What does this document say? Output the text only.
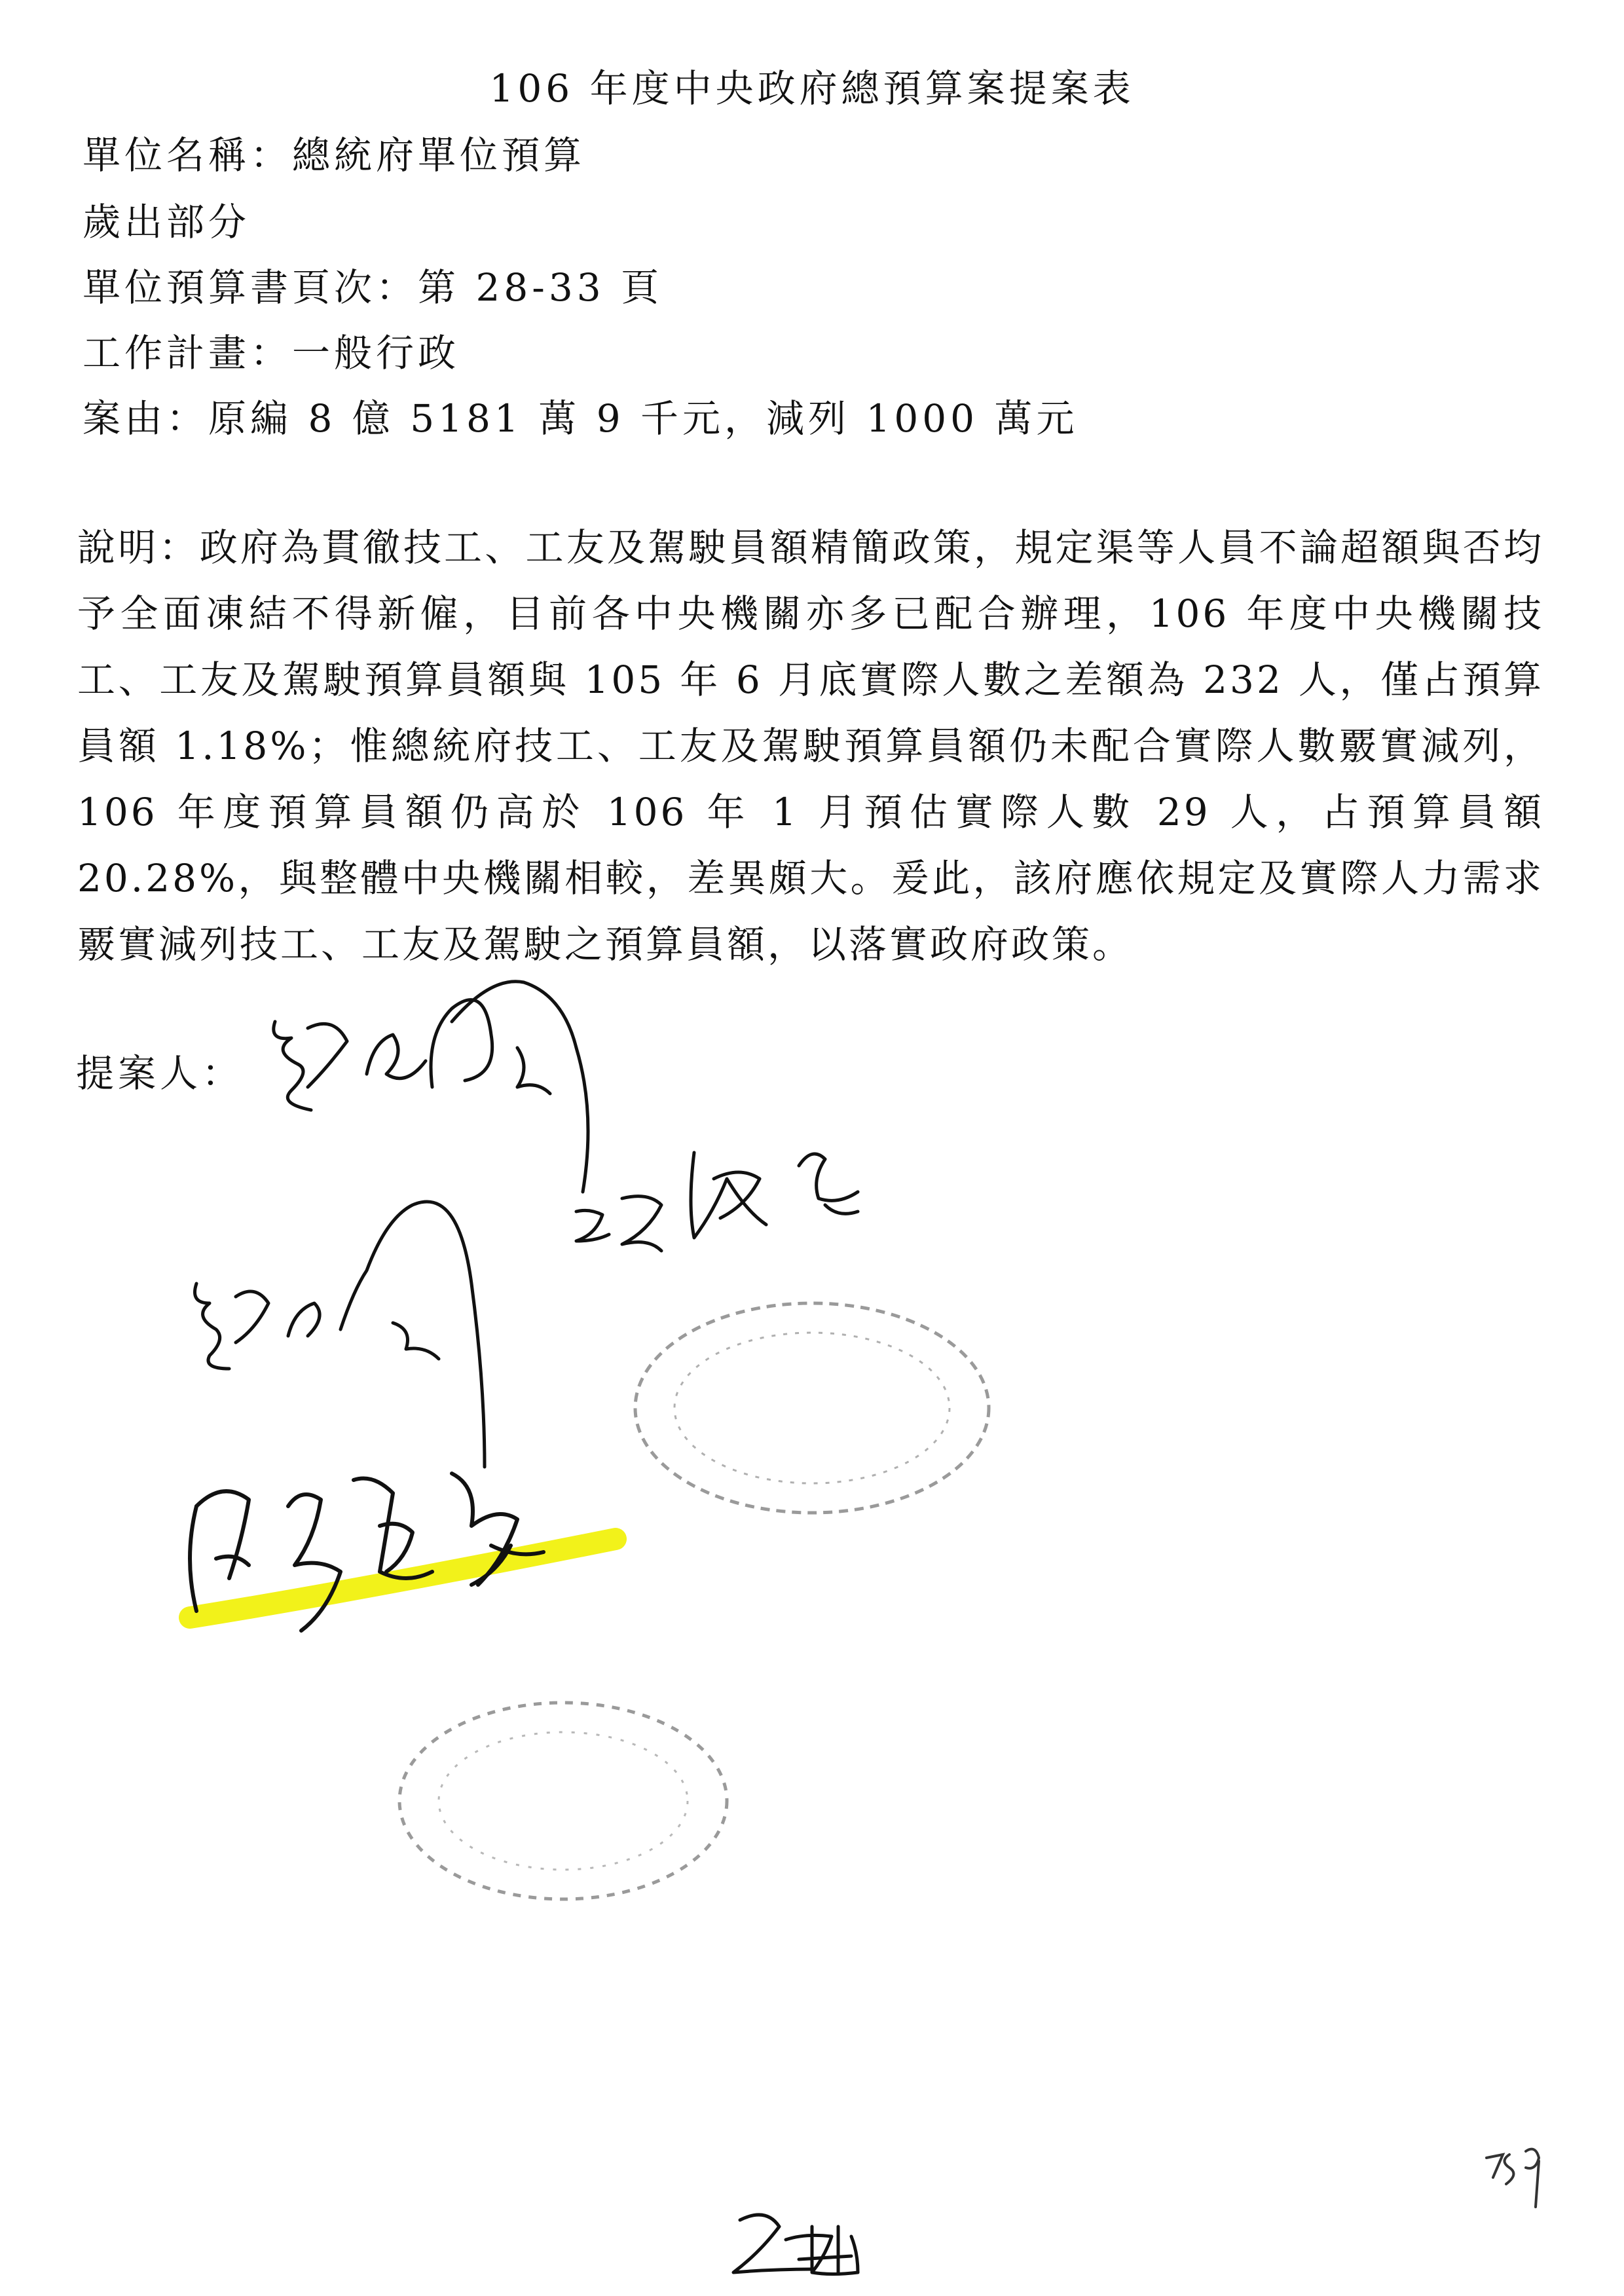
106 年度中央政府總預算案提案表
單位名稱：總統府單位預算
歲出部分
單位預算書頁次：第 28-33 頁
工作計畫：一般行政
案由：原編 8 億 5181 萬 9 千元，減列 1000 萬元
說明：政府為貫徹技工、工友及駕駛員額精簡政策，規定渠等人員不論超額與否均予全面凍結不得新僱，目前各中央機關亦多已配合辦理，106 年度中央機關技工、工友及駕駛預算員額與 105 年 6 月底實際人數之差額為 232 人，僅占預算員額 1.18%；惟總統府技工、工友及駕駛預算員額仍未配合實際人數覈實減列，106 年度預算員額仍高於 106 年 1 月預估實際人數 29 人，占預算員額 20.28%，與整體中央機關相較，差異頗大。爰此，該府應依規定及實際人力需求覈實減列技工、工友及駕駛之預算員額，以落實政府政策。
提案人：
